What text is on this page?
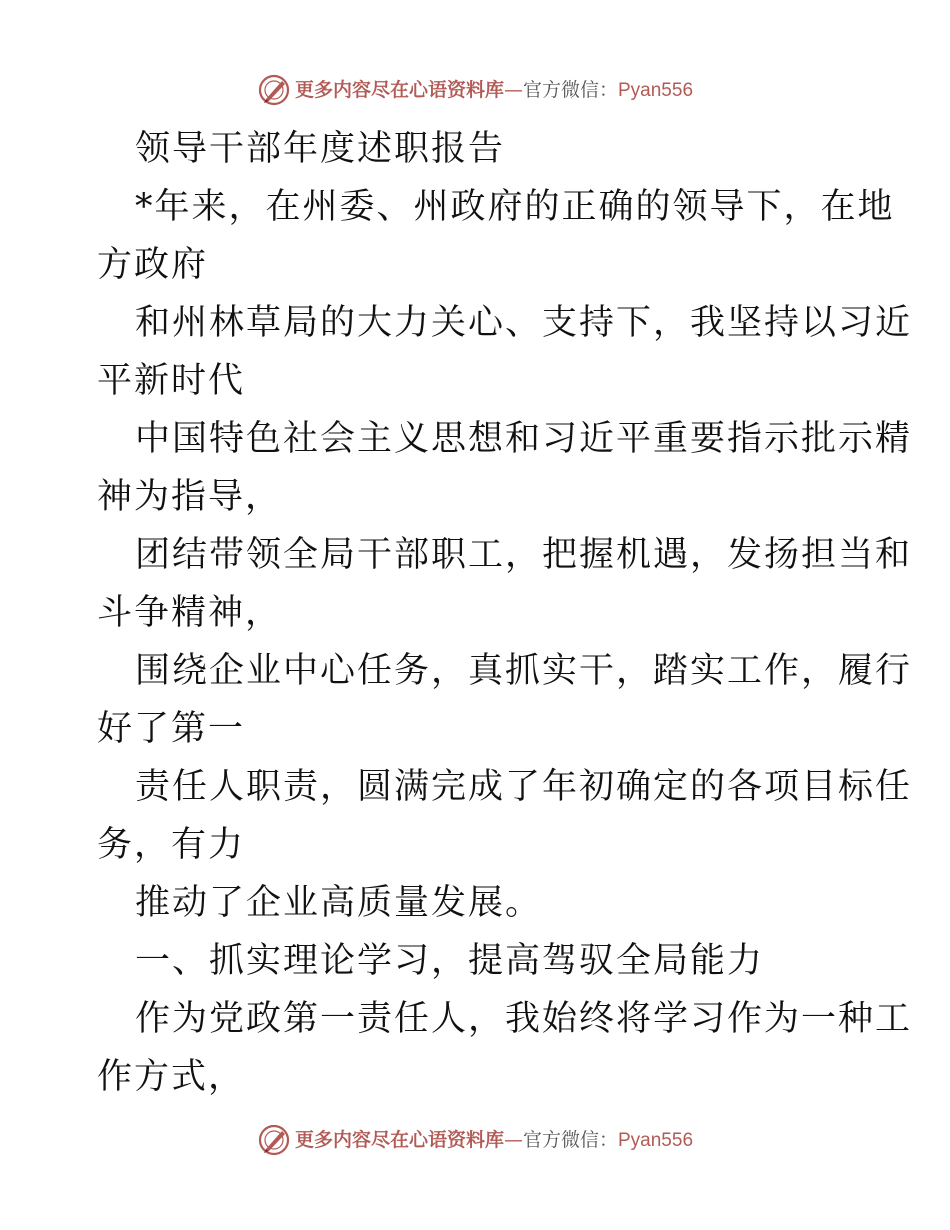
更多内容尽在心语资料库 — 官方微信： Pyan556
领导干部年度述职报告
*年来，在州委、州政府的正确的领导下，在地
方政府
和州林草局的大力关心、支持下，我坚持以习近
平新时代
中国特色社会主义思想和习近平重要指示批示精
神为指导，
团结带领全局干部职工，把握机遇，发扬担当和
斗争精神，
围绕企业中心任务，真抓实干，踏实工作，履行
好了第一
责任人职责，圆满完成了年初确定的各项目标任
务，有力
推动了企业高质量发展。
一、抓实理论学习，提高驾驭全局能力
作为党政第一责任人，我始终将学习作为一种工
作方式，
更多内容尽在心语资料库 — 官方微信： Pyan556
